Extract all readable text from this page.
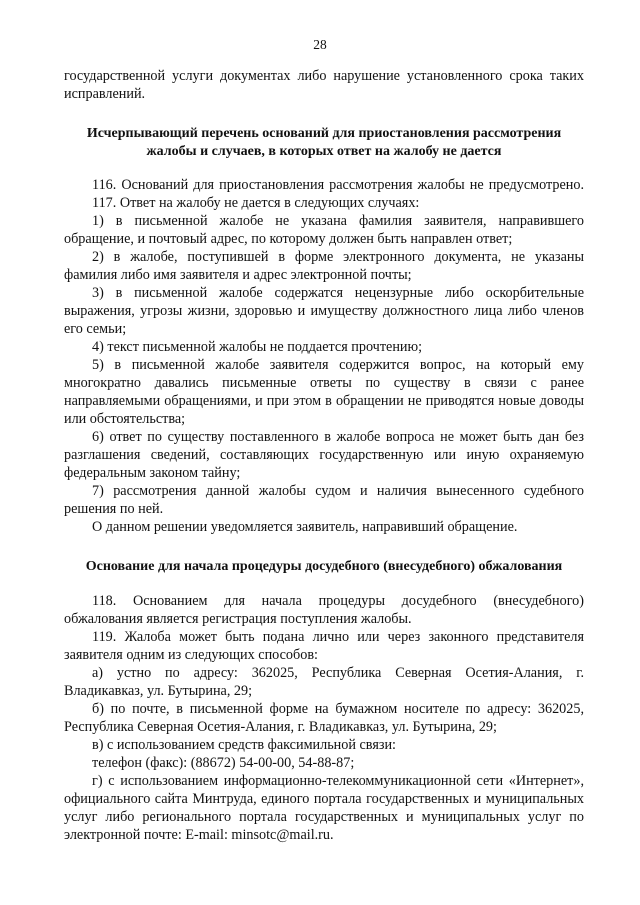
28

государственной услуги документах либо нарушение установленного срока таких исправлений.

Исчерпывающий перечень оснований для приостановления рассмотрения жалобы и случаев, в которых ответ на жалобу не дается

116. Оснований для приостановления рассмотрения жалобы не предусмотрено.

117. Ответ на жалобу не дается в следующих случаях:

1) в письменной жалобе не указана фамилия заявителя, направившего обращение, и почтовый адрес, по которому должен быть направлен ответ;

2) в жалобе, поступившей в форме электронного документа, не указаны фамилия либо имя заявителя и адрес электронной почты;

3) в письменной жалобе содержатся нецензурные либо оскорбительные выражения, угрозы жизни, здоровью и имуществу должностного лица либо членов его семьи;

4) текст письменной жалобы не поддается прочтению;

5) в письменной жалобе заявителя содержится вопрос, на который ему многократно давались письменные ответы по существу в связи с ранее направляемыми обращениями, и при этом в обращении не приводятся новые доводы или обстоятельства;

6) ответ по существу поставленного в жалобе вопроса не может быть дан без разглашения сведений, составляющих государственную или иную охраняемую федеральным законом тайну;

7) рассмотрения данной жалобы судом и наличия вынесенного судебного решения по ней.

О данном решении уведомляется заявитель, направивший обращение.

Основание для начала процедуры досудебного (внесудебного) обжалования

118. Основанием для начала процедуры досудебного (внесудебного) обжалования является регистрация поступления жалобы.

119. Жалоба может быть подана лично или через законного представителя заявителя одним из следующих способов:

а) устно по адресу: 362025, Республика Северная Осетия-Алания, г. Владикавказ, ул. Бутырина, 29;

б) по почте, в письменной форме на бумажном носителе по адресу: 362025, Республика Северная Осетия-Алания, г. Владикавказ, ул. Бутырина, 29;

в) с использованием средств факсимильной связи:

телефон (факс): (88672) 54-00-00, 54-88-87;

г) с использованием информационно-телекоммуникационной сети «Интернет», официального сайта Минтруда, единого портала государственных и муниципальных услуг либо регионального портала государственных и муниципальных услуг по электронной почте: E-mail: minsotc@mail.ru.
